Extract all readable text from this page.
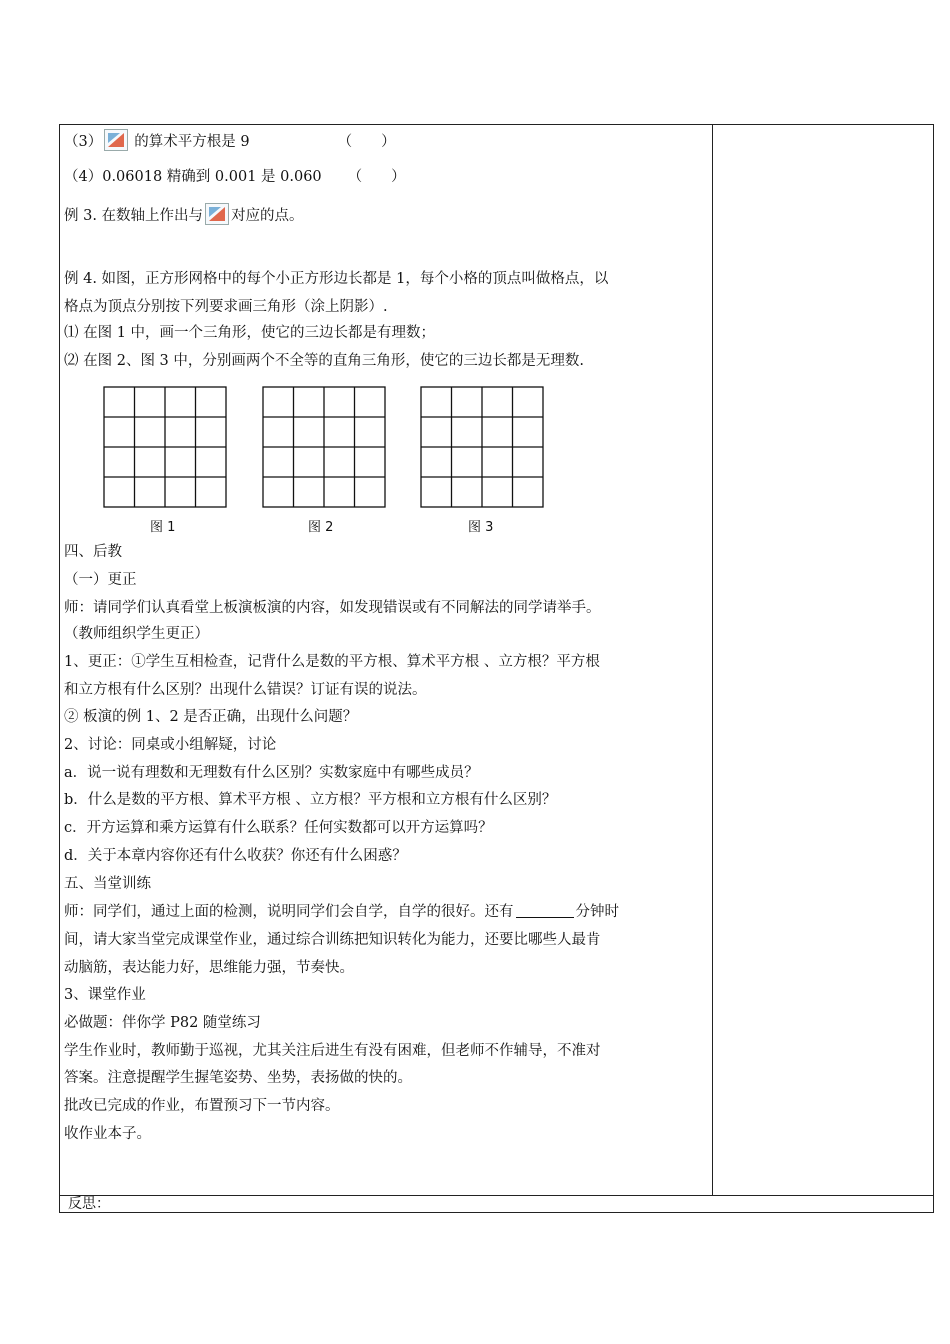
反思：
（3） 的算术平方根是 9	（　　）
（4）0.06018 精确到 0.001 是 0.060 （　　）
例 3. 在数轴上作出与 对应的点。
例 4. 如图，正方形网格中的每个小正方形边长都是 1，每个小格的顶点叫做格点，以
格点为顶点分别按下列要求画三角形（涂上阴影）.
⑴ 在图 1 中，画一个三角形，使它的三边长都是有理数；
⑵ 在图 2、图 3 中，分别画两个不全等的直角三角形，使它的三边长都是无理数.
图 1	图 2	图 3
四、后教
（一）更正
师：请同学们认真看堂上板演板演的内容，如发现错误或有不同解法的同学请举手。
（教师组织学生更正）
1、更正：①学生互相检查，记背什么是数的平方根、算术平方根 、立方根？平方根
和立方根有什么区别？出现什么错误？订证有误的说法。
② 板演的例 1、2 是否正确，出现什么问题？
2、讨论：同桌或小组解疑，讨论
a．说一说有理数和无理数有什么区别？实数家庭中有哪些成员？
b．什么是数的平方根、算术平方根 、立方根？平方根和立方根有什么区别？
c．开方运算和乘方运算有什么联系？任何实数都可以开方运算吗？
d．关于本章内容你还有什么收获？你还有什么困惑？
五、当堂训练
师：同学们，通过上面的检测，说明同学们会自学，自学的很好。还有	分钟时
间，请大家当堂完成课堂作业，通过综合训练把知识转化为能力，还要比哪些人最肯
动脑筋，表达能力好，思维能力强，节奏快。
3、课堂作业
必做题：伴你学 P82 随堂练习
学生作业时，教师勤于巡视，尤其关注后进生有没有困难，但老师不作辅导，不准对
答案。注意提醒学生握笔姿势、坐势，表扬做的快的。
批改已完成的作业，布置预习下一节内容。
收作业本子。
